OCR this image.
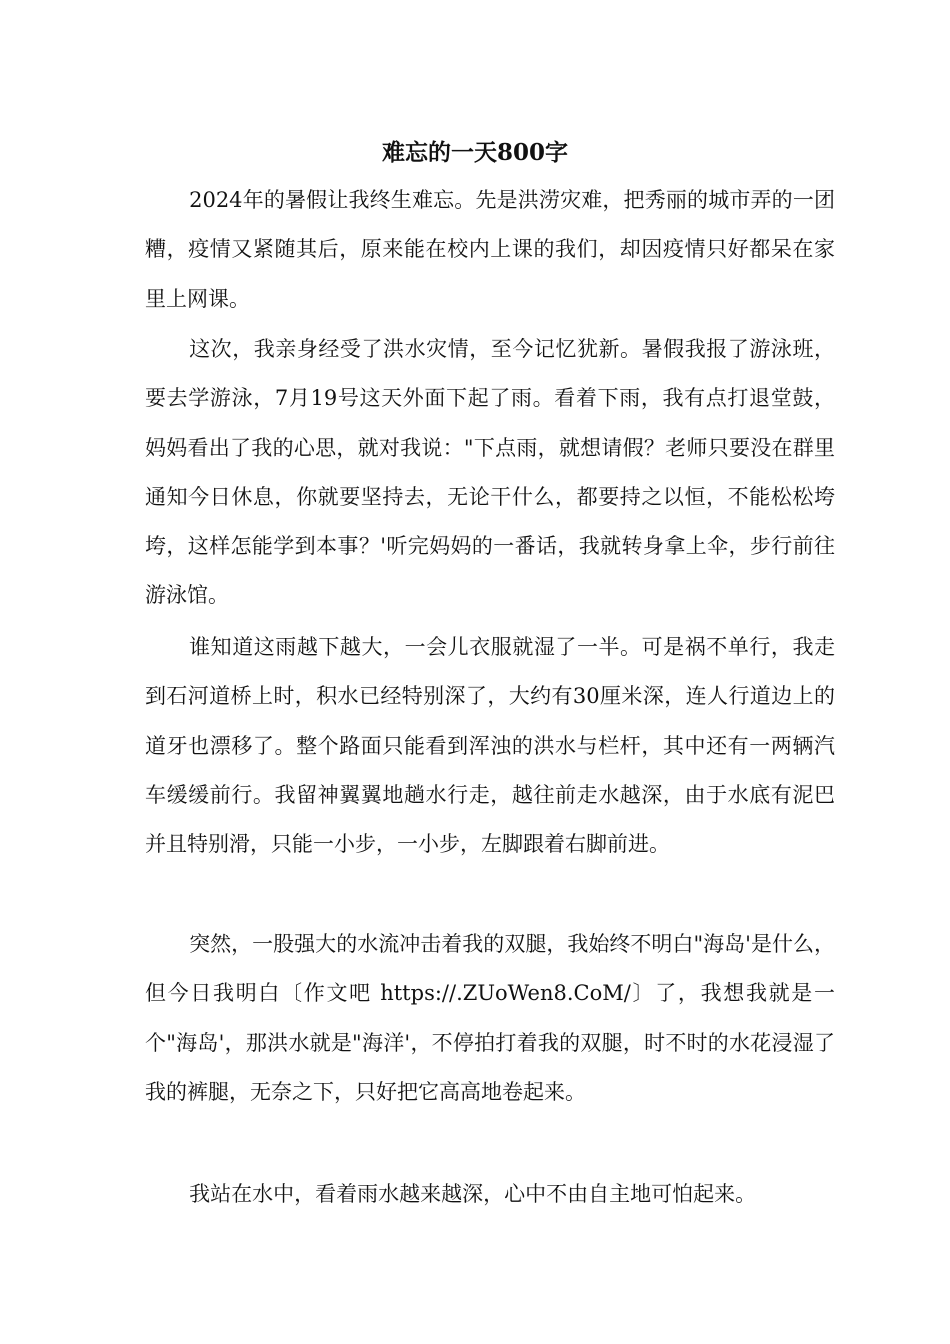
难忘的一天800字

2024年的暑假让我终生难忘。先是洪涝灾难，把秀丽的城市弄的一团糟，疫情又紧随其后，原来能在校内上课的我们，却因疫情只好都呆在家里上网课。

这次，我亲身经受了洪水灾情，至今记忆犹新。暑假我报了游泳班，要去学游泳，7月19号这天外面下起了雨。看着下雨，我有点打退堂鼓，妈妈看出了我的心思，就对我说："下点雨，就想请假？老师只要没在群里通知今日休息，你就要坚持去，无论干什么，都要持之以恒，不能松松垮垮，这样怎能学到本事？'听完妈妈的一番话，我就转身拿上伞，步行前往游泳馆。

谁知道这雨越下越大，一会儿衣服就湿了一半。可是祸不单行，我走到石河道桥上时，积水已经特别深了，大约有30厘米深，连人行道边上的道牙也漂移了。整个路面只能看到浑浊的洪水与栏杆，其中还有一两辆汽车缓缓前行。我留神翼翼地趟水行走，越往前走水越深，由于水底有泥巴并且特别滑，只能一小步，一小步，左脚跟着右脚前进。

突然，一股强大的水流冲击着我的双腿，我始终不明白"海岛'是什么，但今日我明白〔作文吧 https://.ZUoWen8.CoM/〕了，我想我就是一个"海岛'，那洪水就是"海洋'，不停拍打着我的双腿，时不时的水花浸湿了我的裤腿，无奈之下，只好把它高高地卷起来。

我站在水中，看着雨水越来越深，心中不由自主地可怕起来。
